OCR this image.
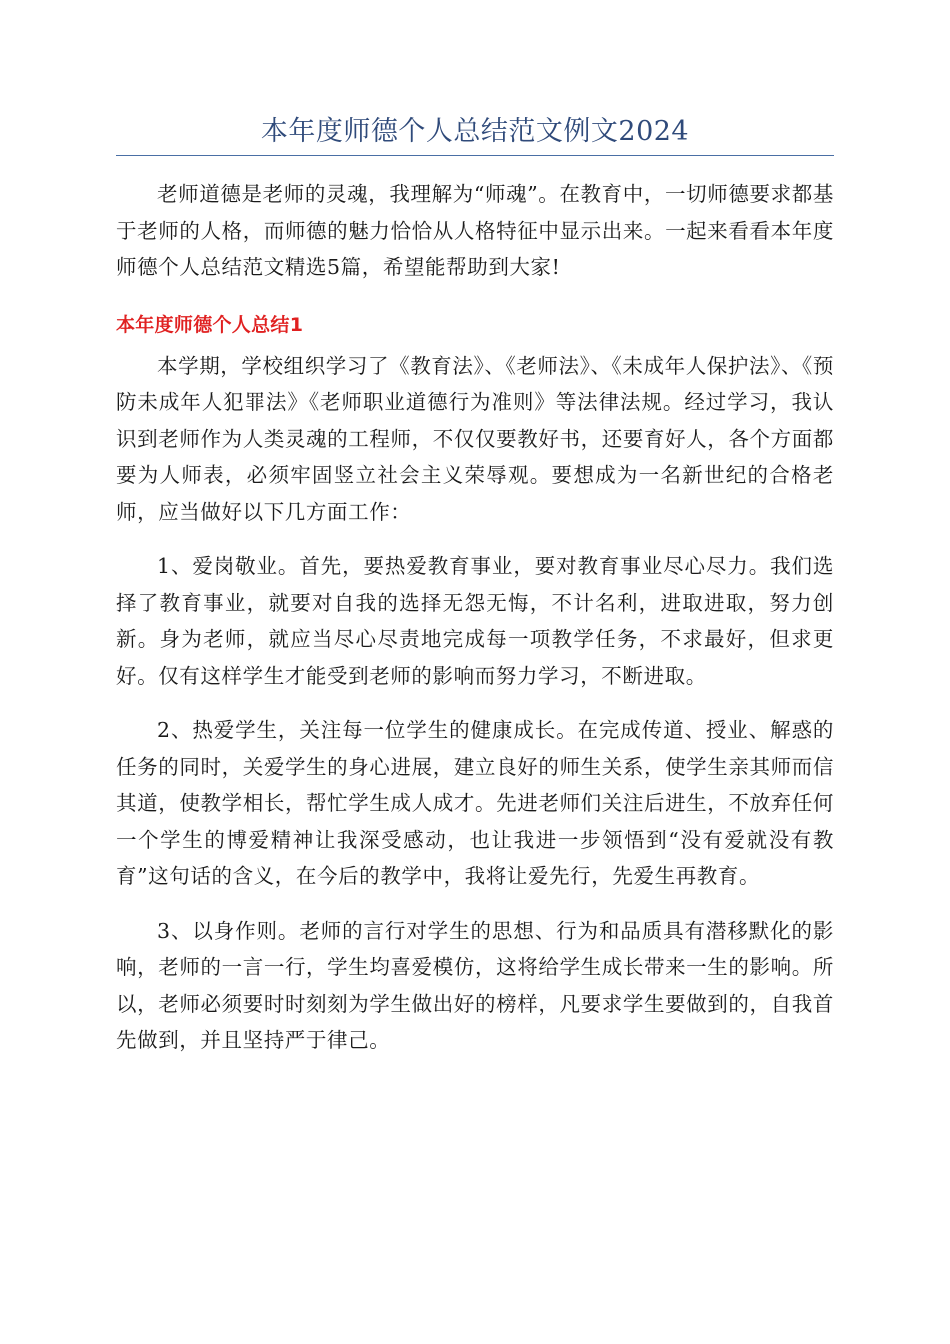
本年度师德个人总结范文例文2024

老师道德是老师的灵魂，我理解为“师魂”。在教育中，一切师德要求都基于老师的人格，而师德的魅力恰恰从人格特征中显示出来。一起来看看本年度师德个人总结范文精选5篇，希望能帮助到大家!

本年度师德个人总结1

本学期，学校组织学习了《教育法》、《老师法》、《未成年人保护法》、《预防未成年人犯罪法》《老师职业道德行为准则》等法律法规。经过学习，我认识到老师作为人类灵魂的工程师，不仅仅要教好书，还要育好人，各个方面都要为人师表，必须牢固竖立社会主义荣辱观。要想成为一名新世纪的合格老师，应当做好以下几方面工作：

1、爱岗敬业。首先，要热爱教育事业，要对教育事业尽心尽力。我们选择了教育事业，就要对自我的选择无怨无悔，不计名利，进取进取，努力创新。身为老师，就应当尽心尽责地完成每一项教学任务，不求最好，但求更好。仅有这样学生才能受到老师的影响而努力学习，不断进取。

2、热爱学生，关注每一位学生的健康成长。在完成传道、授业、解惑的任务的同时，关爱学生的身心进展，建立良好的师生关系，使学生亲其师而信其道，使教学相长，帮忙学生成人成才。先进老师们关注后进生，不放弃任何一个学生的博爱精神让我深受感动，也让我进一步领悟到“没有爱就没有教育”这句话的含义，在今后的教学中，我将让爱先行，先爱生再教育。

3、以身作则。老师的言行对学生的思想、行为和品质具有潜移默化的影响，老师的一言一行，学生均喜爱模仿，这将给学生成长带来一生的影响。所以，老师必须要时时刻刻为学生做出好的榜样，凡要求学生要做到的，自我首先做到，并且坚持严于律己。
